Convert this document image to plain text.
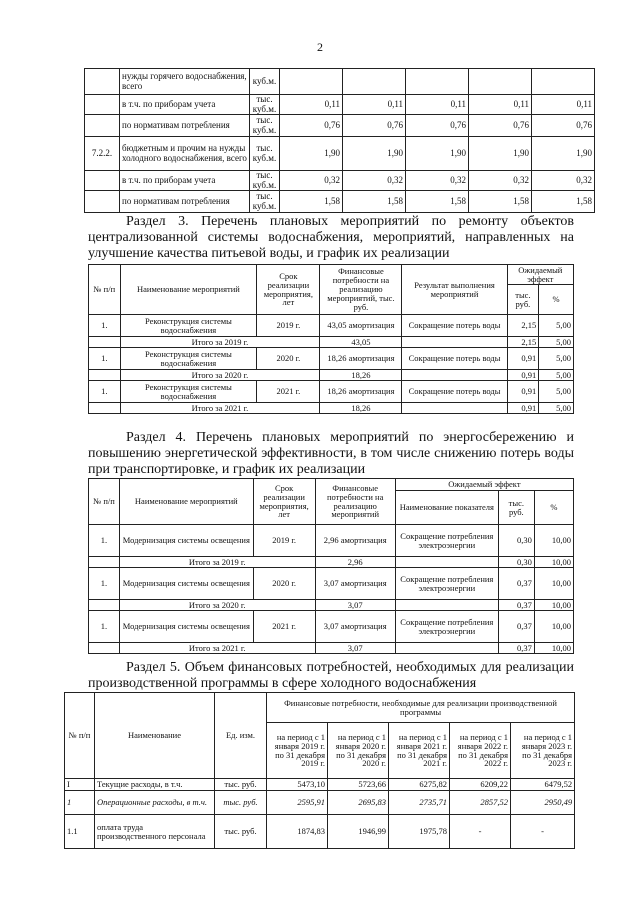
2
	нужды горячего водоснабжения, всего	куб.м.					
	в т.ч. по приборам учета	тыс. куб.м.	0,11	0,11	0,11	0,11	0,11
	по нормативам потребления	тыс. куб.м.	0,76	0,76	0,76	0,76	0,76
7.2.2.	бюджетным и прочим на нужды холодного водоснабжения, всего	тыс. куб.м.	1,90	1,90	1,90	1,90	1,90
	в т.ч. по приборам учета	тыс. куб.м.	0,32	0,32	0,32	0,32	0,32
	по нормативам потребления	тыс. куб.м.	1,58	1,58	1,58	1,58	1,58
Раздел 3. Перечень плановых мероприятий по ремонту объектов централизованной системы водоснабжения, мероприятий, направленных на улучшение качества питьевой воды, и график их реализации
№ п/п	Наименование мероприятий	Срок реализации мероприятия, лет	Финансовые потребности на реализацию мероприятий, тыс. руб.	Результат выполнения мероприятий	Ожидаемый эффект	
					тыс. руб.	%
1.	Реконструкция системы водоснабжения	2019 г.	43,05 амортизация	Сокращение потерь воды	2,15	5,00
	Итого за 2019 г.		43,05		2,15	5,00
1.	Реконструкция системы водоснабжения	2020 г.	18,26 амортизация	Сокращение потерь воды	0,91	5,00
	Итого за 2020 г.		18,26		0,91	5,00
1.	Реконструкция системы водоснабжения	2021 г.	18,26 амортизация	Сокращение потерь воды	0,91	5,00
	Итого за 2021 г.		18,26		0,91	5,00
Раздел 4. Перечень плановых мероприятий по энергосбережению и повышению энергетической эффективности, в том числе снижению потерь воды при транспортировке, и график их реализации
№ п/п	Наименование мероприятий	Срок реализации мероприятия, лет	Финансовые потребности на реализацию мероприятий	Ожидаемый эффект		
				Наименование показателя	тыс. руб.	%
1.	Модернизация системы освещения	2019 г.	2,96 амортизация	Сокращение потребления электроэнергии	0,30	10,00
	Итого за 2019 г.		2,96		0,30	10,00
1.	Модернизация системы освещения	2020 г.	3,07 амортизация	Сокращение потребления электроэнергии	0,37	10,00
	Итого за 2020 г.		3,07		0,37	10,00
1.	Модернизация системы освещения	2021 г.	3,07 амортизация	Сокращение потребления электроэнергии	0,37	10,00
	Итого за 2021 г.		3,07		0,37	10,00
Раздел 5. Объем финансовых потребностей, необходимых для реализации производственной программы в сфере холодного водоснабжения
№ п/п	Наименование	Ед. изм.	Финансовые потребности, необходимые для реализации производственной программы				
			на период с 1 января 2019 г. по 31 декабря 2019 г.	на период с 1 января 2020 г. по 31 декабря 2020 г.	на период с 1 января 2021 г. по 31 декабря 2021 г.	на период с 1 января 2022 г. по 31 декабря 2022 г.	на период с 1 января 2023 г. по 31 декабря 2023 г.
I	Текущие расходы, в т.ч.	тыс. руб.	5473,10	5723,66	6275,82	6209,22	6479,52
1	Операционные расходы, в т.ч.	тыс. руб.	2595,91	2695,83	2735,71	2857,52	2950,49
1.1	оплата труда производственного персонала	тыс. руб.	1874,83	1946,99	1975,78	-	-
